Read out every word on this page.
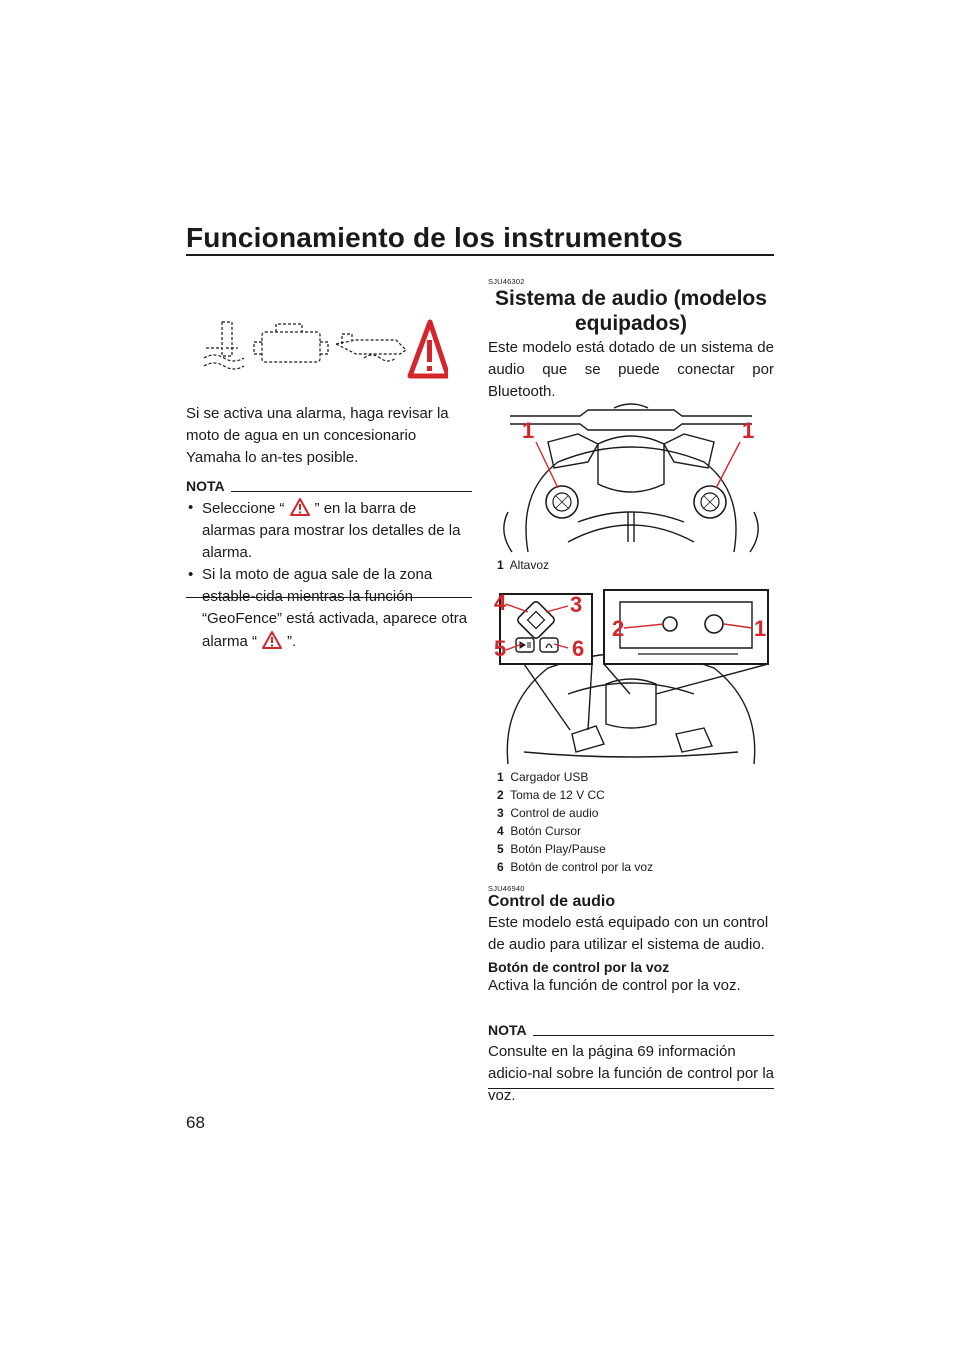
Funcionamiento de los instrumentos
Si se activa una alarma, haga revisar la moto de agua en un concesionario Yamaha lo an-tes posible.
NOTA
• Seleccione “ ” en la barra de alarmas para mostrar los detalles de la alarma.
• Si la moto de agua sale de la zona estable-cida mientras la función “GeoFence” está activada, aparece otra alarma “ ”.
68
SJU46302
Sistema de audio (modelos equipados)
Este modelo está dotado de un sistema de audio que se puede conectar por Bluetooth.
1	1
1 Altavoz
4	3
5	6
2	1
1 Cargador USB
2 Toma de 12 V CC
3 Control de audio
4 Botón Cursor
5 Botón Play/Pause
6 Botón de control por la voz
SJU46940
Control de audio
Este modelo está equipado con un control de audio para utilizar el sistema de audio.
Botón de control por la voz
Activa la función de control por la voz.
NOTA
Consulte en la página 69 información adicio-nal sobre la función de control por la voz.
